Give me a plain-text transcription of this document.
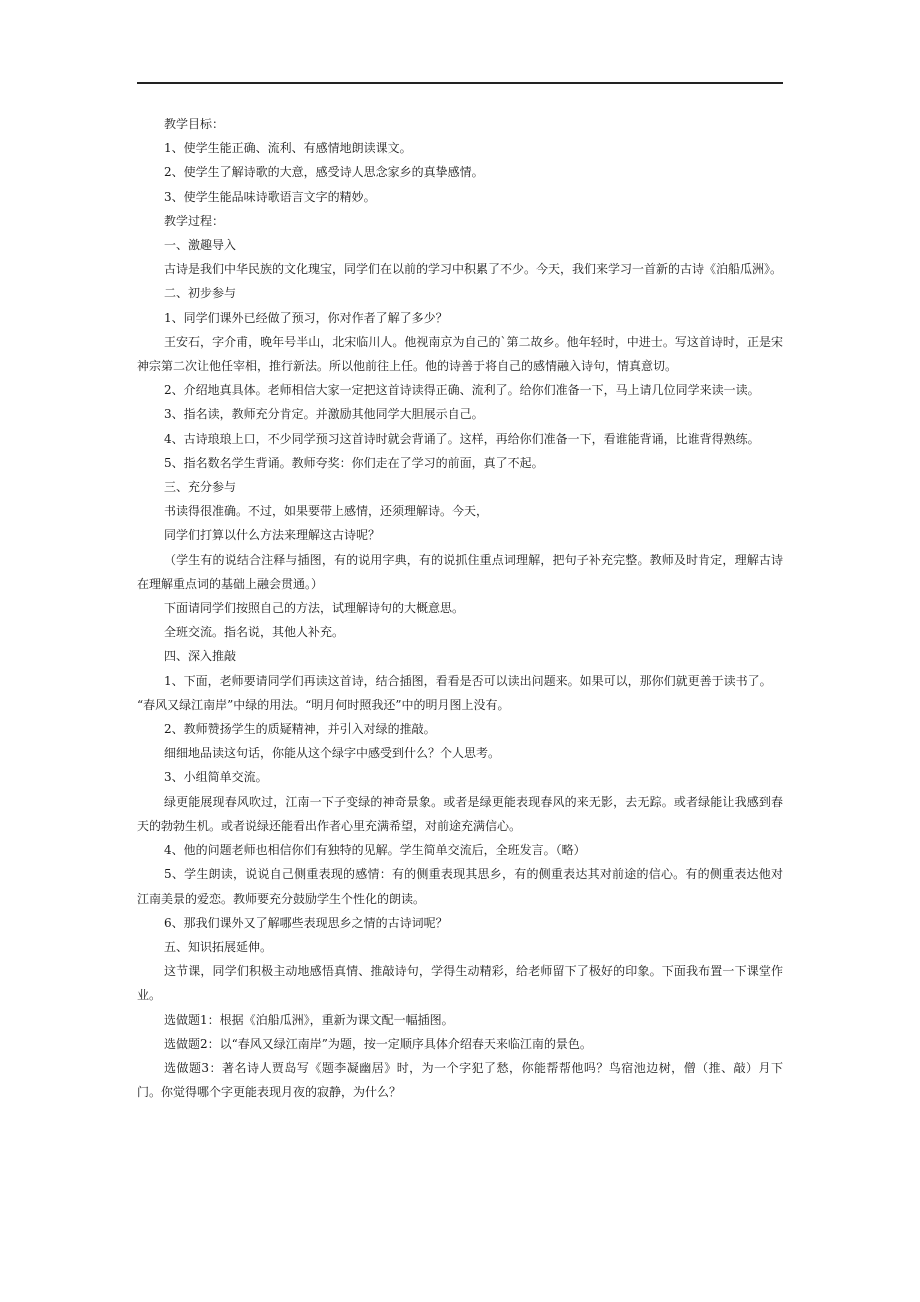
教学目标：

1、使学生能正确、流利、有感情地朗读课文。

2、使学生了解诗歌的大意，感受诗人思念家乡的真挚感情。

3、使学生能品味诗歌语言文字的精妙。

教学过程：

一、激趣导入

古诗是我们中华民族的文化瑰宝，同学们在以前的学习中积累了不少。今天，我们来学习一首新的古诗《泊船瓜洲》。

二、初步参与

1、同学们课外已经做了预习，你对作者了解了多少？

王安石，字介甫，晚年号半山，北宋临川人。他视南京为自己的`第二故乡。他年轻时，中进士。写这首诗时，正是宋神宗第二次让他任宰相，推行新法。所以他前往上任。他的诗善于将自己的感情融入诗句，情真意切。

2、介绍地真具体。老师相信大家一定把这首诗读得正确、流利了。给你们准备一下，马上请几位同学来读一读。

3、指名读，教师充分肯定。并激励其他同学大胆展示自己。

4、古诗琅琅上口，不少同学预习这首诗时就会背诵了。这样，再给你们准备一下，看谁能背诵，比谁背得熟练。

5、指名数名学生背诵。教师夸奖：你们走在了学习的前面，真了不起。

三、充分参与

书读得很准确。不过，如果要带上感情，还须理解诗。今天，

同学们打算以什么方法来理解这古诗呢？

（学生有的说结合注释与插图，有的说用字典，有的说抓住重点词理解，把句子补充完整。教师及时肯定，理解古诗在理解重点词的基础上融会贯通。）

下面请同学们按照自己的方法，试理解诗句的大概意思。

全班交流。指名说，其他人补充。

四、深入推敲

1、下面，老师要请同学们再读这首诗，结合插图，看看是否可以读出问题来。如果可以，那你们就更善于读书了。

“春风又绿江南岸”中绿的用法。“明月何时照我还”中的明月图上没有。

2、教师赞扬学生的质疑精神，并引入对绿的推敲。

细细地品读这句话，你能从这个绿字中感受到什么？个人思考。

3、小组简单交流。

绿更能展现春风吹过，江南一下子变绿的神奇景象。或者是绿更能表现春风的来无影，去无踪。或者绿能让我感到春天的勃勃生机。或者说绿还能看出作者心里充满希望，对前途充满信心。

4、他的问题老师也相信你们有独特的见解。学生简单交流后，全班发言。（略）

5、学生朗读，说说自己侧重表现的感情：有的侧重表现其思乡，有的侧重表达其对前途的信心。有的侧重表达他对江南美景的爱恋。教师要充分鼓励学生个性化的朗读。

6、那我们课外又了解哪些表现思乡之情的古诗词呢？

五、知识拓展延伸。

这节课，同学们积极主动地感悟真情、推敲诗句，学得生动精彩，给老师留下了极好的印象。下面我布置一下课堂作业。

选做题1：根据《泊船瓜洲》，重新为课文配一幅插图。

选做题2：以“春风又绿江南岸”为题，按一定顺序具体介绍春天来临江南的景色。

选做题3：著名诗人贾岛写《题李凝幽居》时，为一个字犯了愁，你能帮帮他吗？鸟宿池边树，僧（推、敲）月下门。你觉得哪个字更能表现月夜的寂静，为什么？
